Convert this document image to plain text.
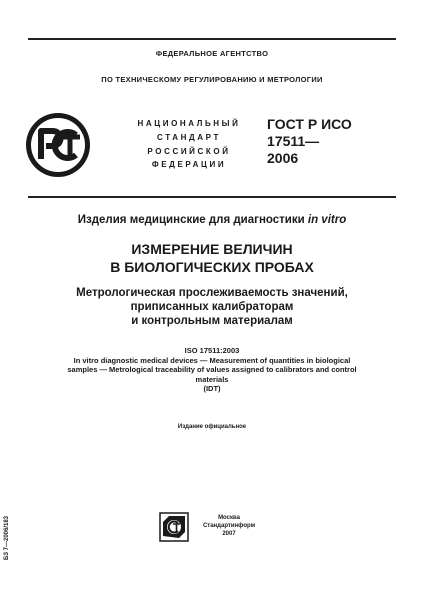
ФЕДЕРАЛЬНОЕ АГЕНТСТВО
ПО ТЕХНИЧЕСКОМУ РЕГУЛИРОВАНИЮ И МЕТРОЛОГИИ
НАЦИОНАЛЬНЫЙ
СТАНДАРТ
РОССИЙСКОЙ
ФЕДЕРАЦИИ
ГОСТ Р ИСО
17511—
2006
Изделия медицинские для диагностики in vitro
ИЗМЕРЕНИЕ ВЕЛИЧИН
В БИОЛОГИЧЕСКИХ ПРОБАХ
Метрологическая прослеживаемость значений,
приписанных калибраторам
и контрольным материалам
ISO 17511:2003
In vitro diagnostic medical devices — Measurement of quantities in biological
samples — Metrological traceability of values assigned to calibrators and control
materials
(IDT)
Издание официальное
БЗ 7—2006/183	Москва
Стандартинформ
2007
